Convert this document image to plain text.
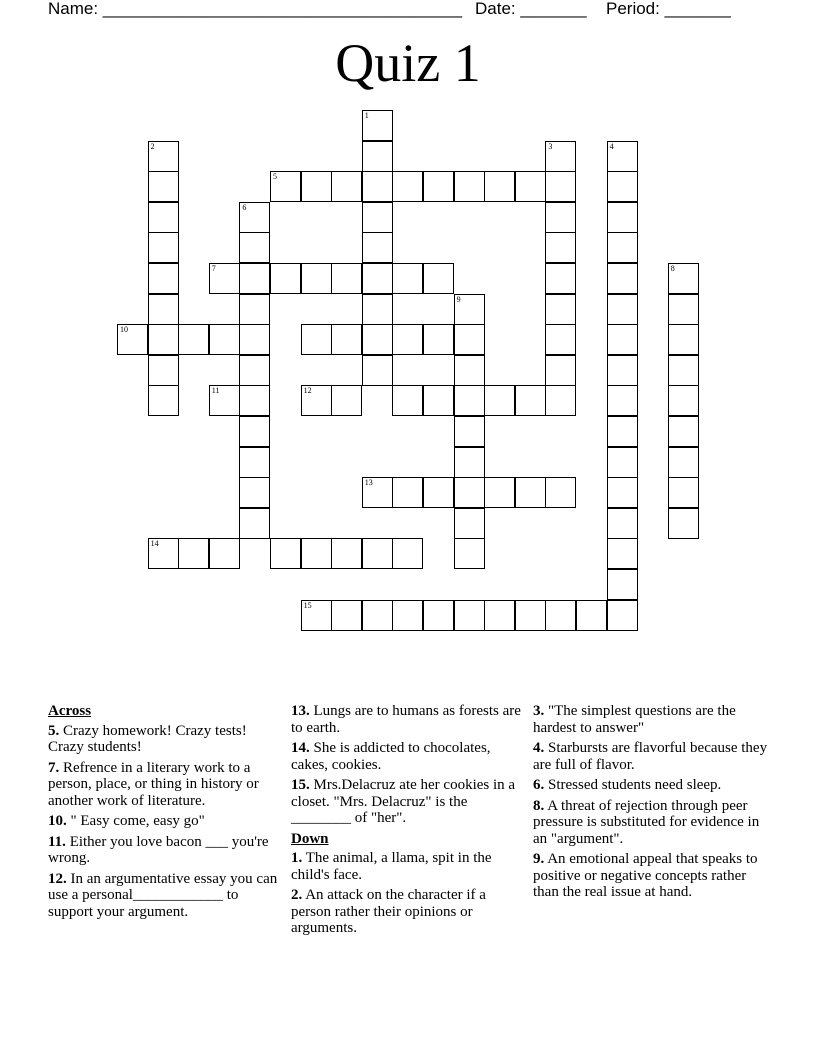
Name: ______________________________________ Date: _______ Period: _______
Quiz 1
1
2	3	4
5
6
7	8
9
10
11	12
13
14
15
Across
5. Crazy homework! Crazy tests! Crazy students!
7. Refrence in a literary work to a person, place, or thing in history or another work of literature.
10. " Easy come, easy go"
11. Either you love bacon ___ you're wrong.
12. In an argumentative essay you can use a personal____________ to support your argument.
13. Lungs are to humans as forests are to earth.
14. She is addicted to chocolates, cakes, cookies.
15. Mrs.Delacruz ate her cookies in a closet. "Mrs. Delacruz" is the ________ of "her".
Down
1. The animal, a llama, spit in the child's face.
2. An attack on the character if a person rather their opinions or arguments.
3. "The simplest questions are the hardest to answer"
4. Starbursts are flavorful because they are full of flavor.
6. Stressed students need sleep.
8. A threat of rejection through peer pressure is substituted for evidence in an "argument".
9. An emotional appeal that speaks to positive or negative concepts rather than the real issue at hand.
